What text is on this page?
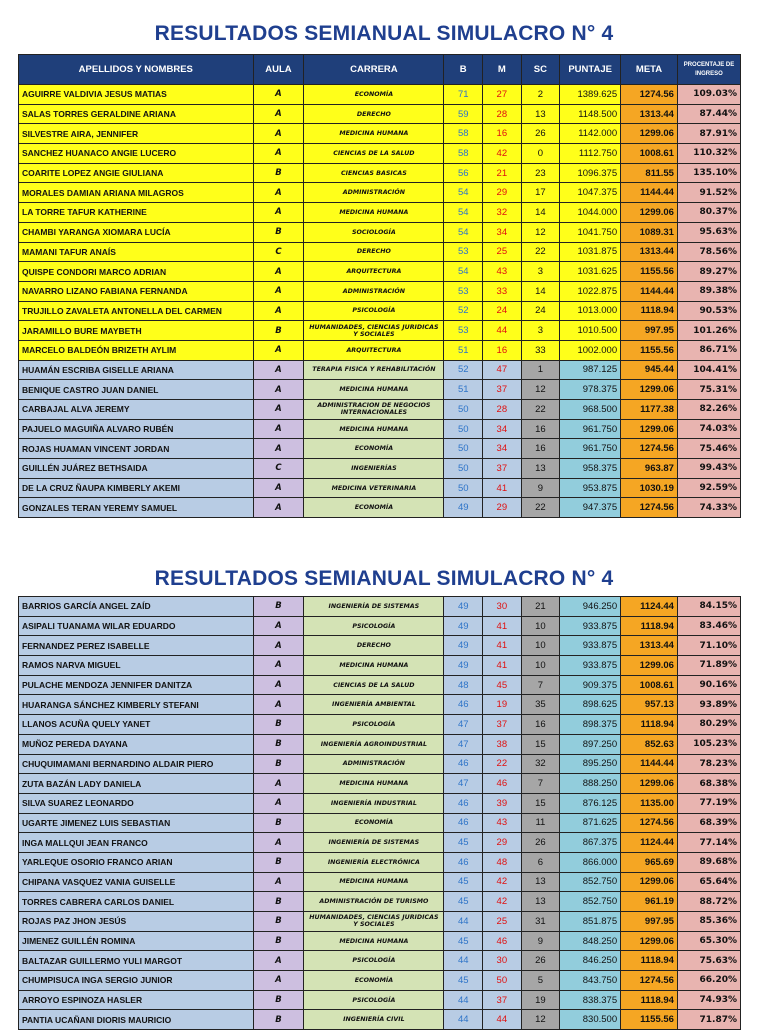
RESULTADOS SEMIANUAL SIMULACRO N° 4
APELLIDOS Y NOMBRES	AULA	CARRERA	B	M	SC	PUNTAJE	META	PROCENTAJE DE INGRESO
AGUIRRE VALDIVIA JESUS MATIAS	A	ECONOMÍA	71	27	2	1389.625	1274.56	109.03%
SALAS TORRES GERALDINE ARIANA	A	DERECHO	59	28	13	1148.500	1313.44	87.44%
SILVESTRE AIRA, JENNIFER	A	MEDICINA HUMANA	58	16	26	1142.000	1299.06	87.91%
SANCHEZ HUANACO ANGIE LUCERO	A	CIENCIAS DE LA SALUD	58	42	0	1112.750	1008.61	110.32%
COARITE LOPEZ ANGIE GIULIANA	B	CIENCIAS BASICAS	56	21	23	1096.375	811.55	135.10%
MORALES DAMIAN ARIANA MILAGROS	A	ADMINISTRACIÓN	54	29	17	1047.375	1144.44	91.52%
LA TORRE TAFUR KATHERINE	A	MEDICINA HUMANA	54	32	14	1044.000	1299.06	80.37%
CHAMBI YARANGA XIOMARA LUCÍA	B	SOCIOLOGÍA	54	34	12	1041.750	1089.31	95.63%
MAMANI TAFUR ANAÍS	C	DERECHO	53	25	22	1031.875	1313.44	78.56%
QUISPE CONDORI MARCO ADRIAN	A	ARQUITECTURA	54	43	3	1031.625	1155.56	89.27%
NAVARRO LIZANO FABIANA FERNANDA	A	ADMINISTRACIÓN	53	33	14	1022.875	1144.44	89.38%
TRUJILLO ZAVALETA ANTONELLA DEL CARMEN	A	PSICOLOGÍA	52	24	24	1013.000	1118.94	90.53%
JARAMILLO BURE MAYBETH	B	HUMANIDADES, CIENCIAS JURIDICAS Y SOCIALES	53	44	3	1010.500	997.95	101.26%
MARCELO BALDEÓN BRIZETH AYLIM	A	ARQUITECTURA	51	16	33	1002.000	1155.56	86.71%
HUAMÁN ESCRIBA GISELLE ARIANA	A	TERAPIA FISICA Y REHABILITACIÓN	52	47	1	987.125	945.44	104.41%
BENIQUE CASTRO JUAN DANIEL	A	MEDICINA HUMANA	51	37	12	978.375	1299.06	75.31%
CARBAJAL ALVA JEREMY	A	ADMINISTRACION DE NEGOCIOS INTERNACIONALES	50	28	22	968.500	1177.38	82.26%
PAJUELO MAGUIÑA ALVARO RUBÉN	A	MEDICINA HUMANA	50	34	16	961.750	1299.06	74.03%
ROJAS HUAMAN VINCENT JORDAN	A	ECONOMÍA	50	34	16	961.750	1274.56	75.46%
GUILLÉN JUÁREZ BETHSAIDA	C	INGENIERÍAS	50	37	13	958.375	963.87	99.43%
DE LA CRUZ ÑAUPA KIMBERLY AKEMI	A	MEDICINA VETERINARIA	50	41	9	953.875	1030.19	92.59%
GONZALES TERAN YEREMY SAMUEL	A	ECONOMÍA	49	29	22	947.375	1274.56	74.33%
RESULTADOS SEMIANUAL SIMULACRO N° 4
BARRIOS GARCÍA ANGEL ZAÍD	B	INGENIERÍA DE SISTEMAS	49	30	21	946.250	1124.44	84.15%
ASIPALI TUANAMA WILAR EDUARDO	A	PSICOLOGÍA	49	41	10	933.875	1118.94	83.46%
FERNANDEZ PEREZ ISABELLE	A	DERECHO	49	41	10	933.875	1313.44	71.10%
RAMOS NARVA MIGUEL	A	MEDICINA HUMANA	49	41	10	933.875	1299.06	71.89%
PULACHE MENDOZA JENNIFER DANITZA	A	CIENCIAS DE LA SALUD	48	45	7	909.375	1008.61	90.16%
HUARANGA SÁNCHEZ KIMBERLY STEFANI	A	INGENIERÍA AMBIENTAL	46	19	35	898.625	957.13	93.89%
LLANOS ACUÑA QUELY YANET	B	PSICOLOGÍA	47	37	16	898.375	1118.94	80.29%
MUÑOZ PEREDA DAYANA	B	INGENIERÍA AGROINDUSTRIAL	47	38	15	897.250	852.63	105.23%
CHUQUIMAMANI BERNARDINO ALDAIR PIERO	B	ADMINISTRACIÓN	46	22	32	895.250	1144.44	78.23%
ZUTA BAZÁN LADY DANIELA	A	MEDICINA HUMANA	47	46	7	888.250	1299.06	68.38%
SILVA SUAREZ LEONARDO	A	INGENIERÍA INDUSTRIAL	46	39	15	876.125	1135.00	77.19%
UGARTE JIMENEZ LUIS SEBASTIAN	B	ECONOMÍA	46	43	11	871.625	1274.56	68.39%
INGA MALLQUI JEAN FRANCO	A	INGENIERÍA DE SISTEMAS	45	29	26	867.375	1124.44	77.14%
YARLEQUE OSORIO FRANCO ARIAN	B	INGENIERÍA ELECTRÓNICA	46	48	6	866.000	965.69	89.68%
CHIPANA VASQUEZ VANIA GUISELLE	A	MEDICINA HUMANA	45	42	13	852.750	1299.06	65.64%
TORRES CABRERA CARLOS DANIEL	B	ADMINISTRACIÓN DE TURISMO	45	42	13	852.750	961.19	88.72%
ROJAS PAZ JHON JESÚS	B	HUMANIDADES, CIENCIAS JURIDICAS Y SOCIALES	44	25	31	851.875	997.95	85.36%
JIMENEZ GUILLÉN ROMINA	B	MEDICINA HUMANA	45	46	9	848.250	1299.06	65.30%
BALTAZAR GUILLERMO YULI MARGOT	A	PSICOLOGÍA	44	30	26	846.250	1118.94	75.63%
CHUMPISUCA INGA SERGIO JUNIOR	A	ECONOMÍA	45	50	5	843.750	1274.56	66.20%
ARROYO ESPINOZA HASLER	B	PSICOLOGÍA	44	37	19	838.375	1118.94	74.93%
PANTIA UCAÑANI DIORIS MAURICIO	B	INGENIERÍA CIVIL	44	44	12	830.500	1155.56	71.87%
